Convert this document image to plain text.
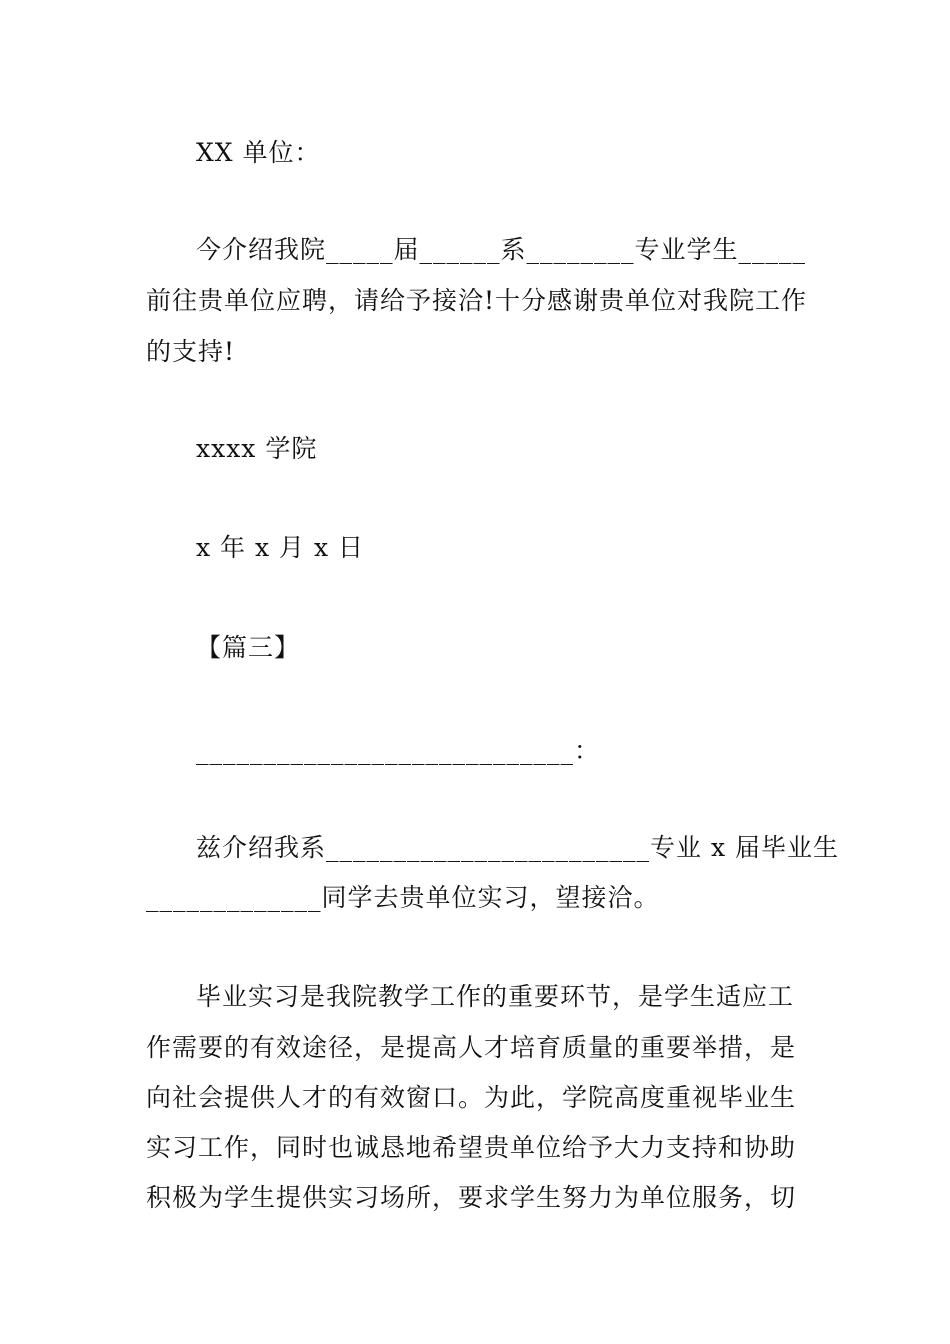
XX 单位：
今介绍我院_____届______系________专业学生_____
前往贵单位应聘，请给予接洽!十分感谢贵单位对我院工作
的支持!
xxxx 学院
x 年 x 月 x 日
【篇三】
____________________________：
兹介绍我系________________________专业 x 届毕业生
_____________同学去贵单位实习，望接洽。
毕业实习是我院教学工作的重要环节，是学生适应工
作需要的有效途径，是提高人才培育质量的重要举措，是
向社会提供人才的有效窗口。为此，学院高度重视毕业生
实习工作，同时也诚恳地希望贵单位给予大力支持和协助
积极为学生提供实习场所，要求学生努力为单位服务，切
